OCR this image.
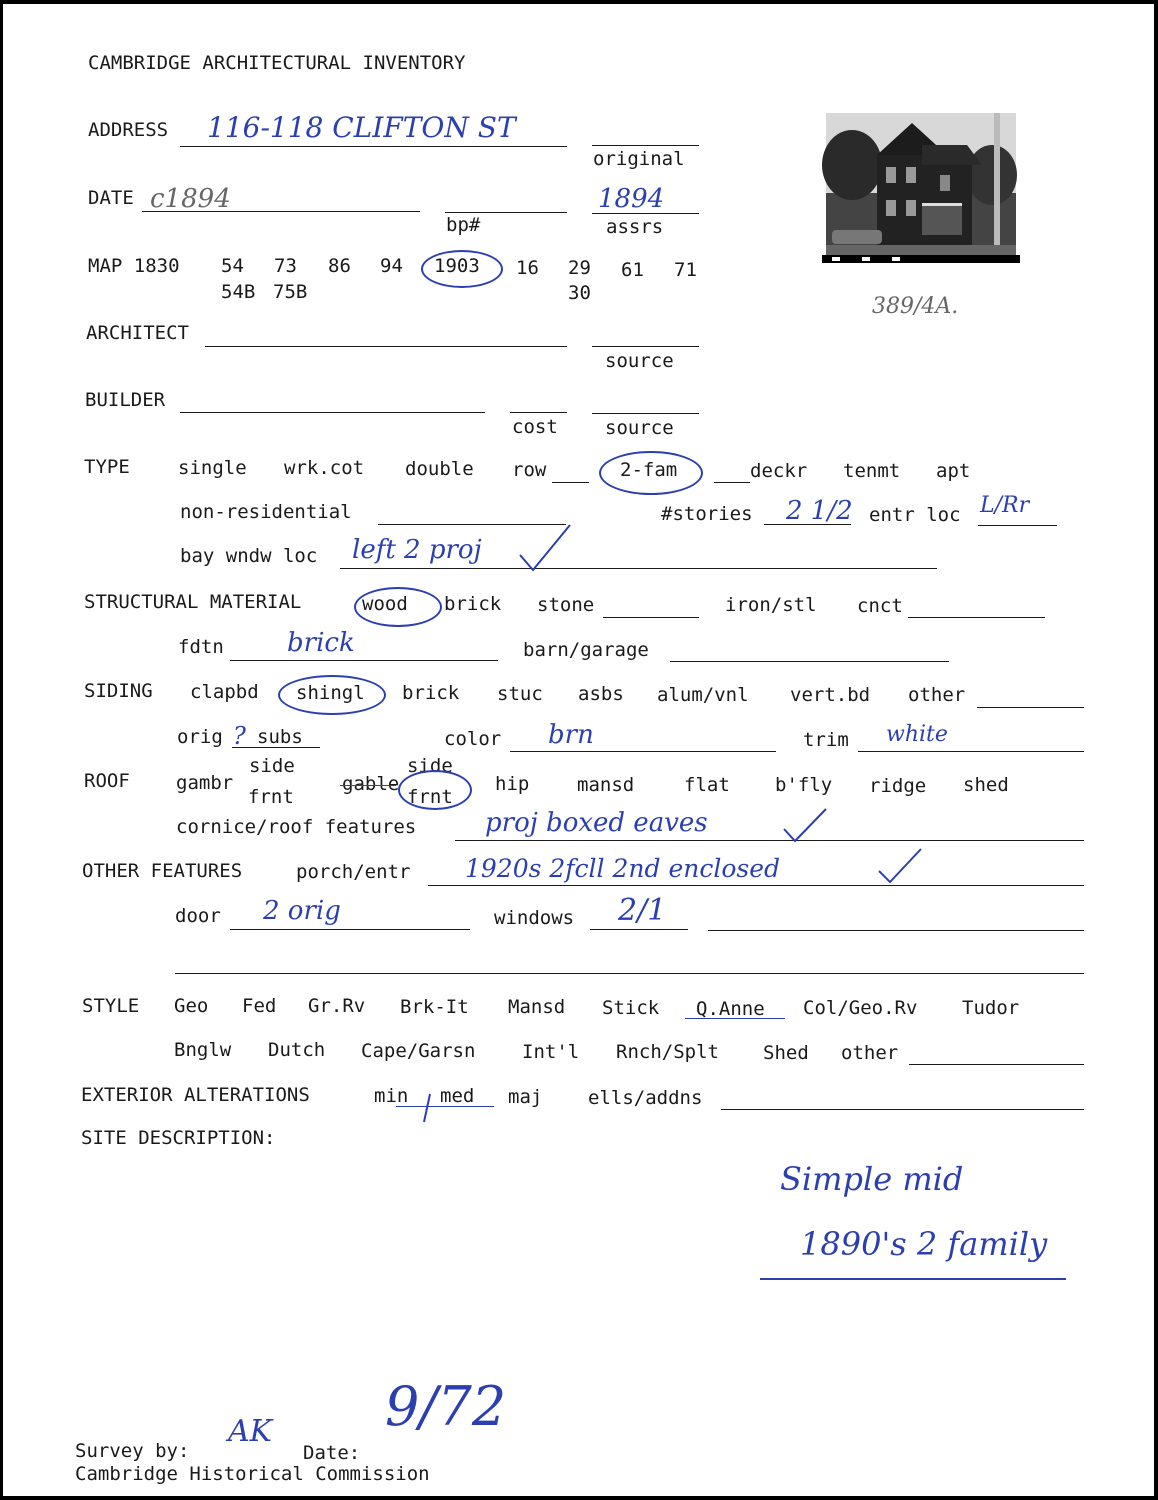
CAMBRIDGE ARCHITECTURAL INVENTORY
389/4A.
ADDRESS 116-118 CLIFTON ST
original
DATE c1894
bp#
1894
assrs
MAP 1830 54 73 86 94 1903 16 29 61 71
54B 75B	30
ARCHITECT
source
BUILDER
cost source
TYPE	single wrk.cot double row	2-fam	deckr tenmt apt
non-residential	#stories 2 1/2 entr loc L/Rr
bay wndw loc left 2 proj
STRUCTURAL MATERIAL	wood brick stone	iron/stl cnct
fdtn brick	barn/garage
SIDING clapbd shingl brick stuc asbs alum/vnl vert.bd other
orig ? subs	color brn	trim white
ROOF gambr
side
frnt
gable
side
frnt
hip	mansd	flat b'fly ridge shed
cornice/roof features	proj boxed eaves
OTHER FEATURES	porch/entr 1920s 2fcll 2nd enclosed
door 2 orig	windows 2/1
STYLE Geo Fed Gr.Rv Brk-It Mansd Stick Q.Anne Col/Geo.Rv Tudor
Bnglw Dutch Cape/Garsn Int'l Rnch/Splt Shed other
EXTERIOR ALTERATIONS	min med maj ells/addns
SITE DESCRIPTION:
Simple mid
1890's 2 family
Survey by:
AK
Date:
9/72
Cambridge Historical Commission
